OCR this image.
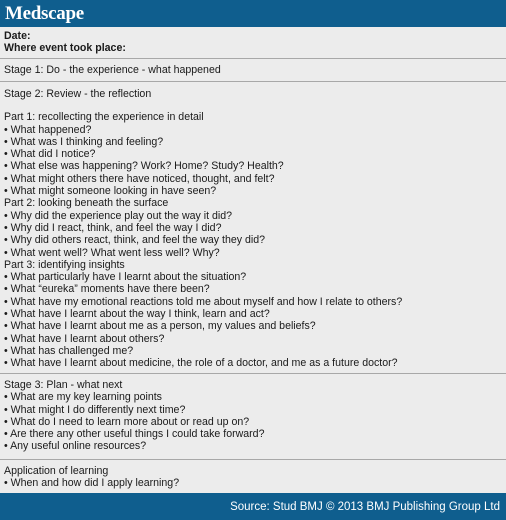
Medscape
Date:
Where event took place:
Stage 1: Do - the experience - what happened
Stage 2: Review - the reflection
Part 1: recollecting the experience in detail
• What happened?
• What was I thinking and feeling?
• What did I notice?
• What else was happening? Work? Home? Study? Health?
• What might others there have noticed, thought, and felt?
• What might someone looking in have seen?
Part 2: looking beneath the surface
• Why did the experience play out the way it did?
• Why did I react, think, and feel the way I did?
• Why did others react, think, and feel the way they did?
• What went well? What went less well? Why?
Part 3: identifying insights
• What particularly have I learnt about the situation?
• What “eureka” moments have there been?
• What have my emotional reactions told me about myself and how I relate to others?
• What have I learnt about the way I think, learn and act?
• What have I learnt about me as a person, my values and beliefs?
• What have I learnt about others?
• What has challenged me?
• What have I learnt about medicine, the role of a doctor, and me as a future doctor?
Stage 3: Plan - what next
• What are my key learning points
• What might I do differently next time?
• What do I need to learn more about or read up on?
• Are there any other useful things I could take forward?
• Any useful online resources?
Application of learning
• When and how did I apply learning?
Source: Stud BMJ © 2013 BMJ Publishing Group Ltd
